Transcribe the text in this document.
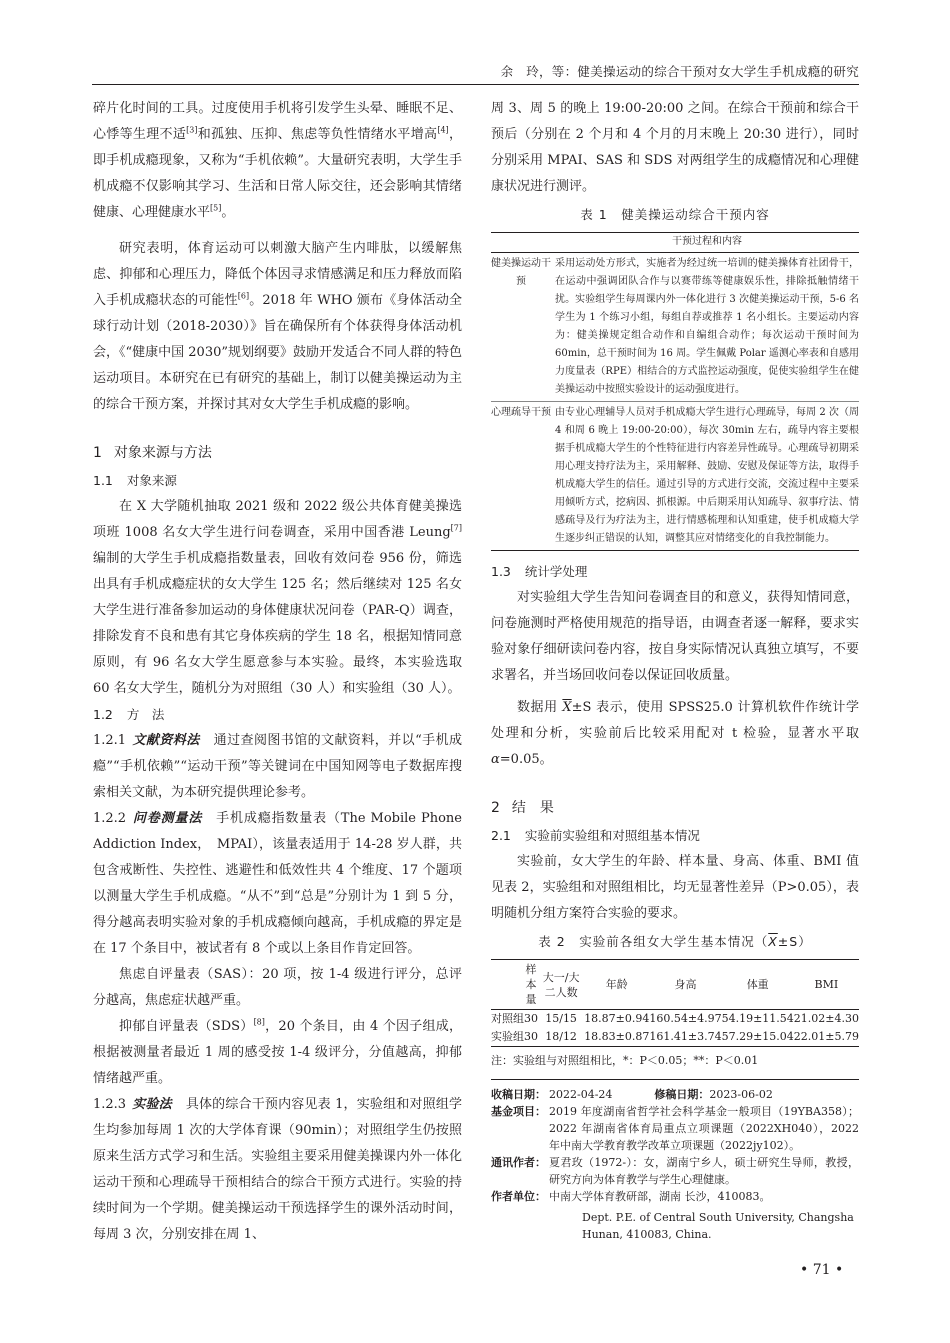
余　玲，等：健美操运动的综合干预对女大学生手机成瘾的研究

碎片化时间的工具。过度使用手机将引发学生头晕、睡眠不足、心悸等生理不适[3]和孤独、压抑、焦虑等负性情绪水平增高[4]，即手机成瘾现象，又称为“手机依赖”。大量研究表明，大学生手机成瘾不仅影响其学习、生活和日常人际交往，还会影响其情绪健康、心理健康水平[5]。

研究表明，体育运动可以刺激大脑产生内啡肽，以缓解焦虑、抑郁和心理压力，降低个体因寻求情感满足和压力释放而陷入手机成瘾状态的可能性[6]。2018 年 WHO 颁布《身体活动全球行动计划（2018-2030）》旨在确保所有个体获得身体活动机会，《“健康中国 2030”规划纲要》鼓励开发适合不同人群的特色运动项目。本研究在已有研究的基础上，制订以健美操运动为主的综合干预方案，并探讨其对女大学生手机成瘾的影响。

1 对象来源与方法
1.1 对象来源

在 X 大学随机抽取 2021 级和 2022 级公共体育健美操选项班 1008 名女大学生进行问卷调查，采用中国香港 Leung[7]编制的大学生手机成瘾指数量表，回收有效问卷 956 份，筛选出具有手机成瘾症状的女大学生 125 名；然后继续对 125 名女大学生进行准备参加运动的身体健康状况问卷（PAR-Q）调查，排除发育不良和患有其它身体疾病的学生 18 名，根据知情同意原则，有 96 名女大学生愿意参与本实验。最终，本实验选取 60 名女大学生，随机分为对照组（30 人）和实验组（30 人）。

1.2 方　法

1.2.1 文献资料法 通过查阅图书馆的文献资料，并以“手机成瘾”“手机依赖”“运动干预”等关键词在中国知网等电子数据库搜索相关文献，为本研究提供理论参考。

1.2.2 问卷测量法 手机成瘾指数量表（The Mobile Phone Addiction Index，　MPAI），该量表适用于 14-28 岁人群，共包含戒断性、失控性、逃避性和低效性共 4 个维度、17 个题项以测量大学生手机成瘾。“从不”到“总是”分别计为 1 到 5 分，得分越高表明实验对象的手机成瘾倾向越高，手机成瘾的界定是在 17 个条目中，被试者有 8 个或以上条目作肯定回答。

焦虑自评量表（SAS）：20 项，按 1-4 级进行评分，总评分越高，焦虑症状越严重。

抑郁自评量表（SDS）[8]，20 个条目，由 4 个因子组成，根据被测量者最近 1 周的感受按 1-4 级评分，分值越高，抑郁情绪越严重。

1.2.3 实验法 具体的综合干预内容见表 1，实验组和对照组学生均参加每周 1 次的大学体育课（90min）；对照组学生仍按照原来生活方式学习和生活。实验组主要采用健美操课内外一体化运动干预和心理疏导干预相结合的综合干预方式进行。实验的持续时间为一个学期。健美操运动干预选择学生的课外活动时间，每周 3 次，分别安排在周 1、

周 3、周 5 的晚上 19:00-20:00 之间。在综合干预前和综合干预后（分别在 2 个月和 4 个月的月末晚上 20:30 进行），同时分别采用 MPAI、SAS 和 SDS 对两组学生的成瘾情况和心理健康状况进行测评。

表 1　健美操运动综合干预内容
	干预过程和内容
健美操运动干预	采用运动处方形式，实施者为经过统一培训的健美操体育社团骨干，在运动中强调团队合作与以赛带练等健康娱乐性，排除抵触情绪干扰。实验组学生每周课内外一体化进行 3 次健美操运动干预，5-6 名学生为 1 个练习小组，每组自荐或推荐 1 名小组长。主要运动内容为：健美操规定组合动作和自编组合动作；每次运动干预时间为 60min，总干预时间为 16 周。学生佩戴 Polar 遥测心率表和自感用力度量表（RPE）相结合的方式监控运动强度，促使实验组学生在健美操运动中按照实验设计的运动强度进行。
心理疏导干预	由专业心理辅导人员对手机成瘾大学生进行心理疏导，每周 2 次（周 4 和周 6 晚上 19:00-20:00），每次 30min 左右，疏导内容主要根据手机成瘾大学生的个性特征进行内容差异性疏导。心理疏导初期采用心理支持疗法为主，采用解释、鼓励、安慰及保证等方法，取得手机成瘾大学生的信任。通过引导的方式进行交流，交流过程中主要采用倾听方式，挖病因、抓根源。中后期采用认知疏导、叙事疗法、情感疏导及行为疗法为主，进行情感梳理和认知重建，使手机成瘾大学生逐步纠正错误的认知，调整其应对情绪变化的自我控制能力。
1.3 统计学处理

对实验组大学生告知问卷调查目的和意义，获得知情同意，问卷施测时严格使用规范的指导语，由调查者逐一解释，要求实验对象仔细研读问卷内容，按自身实际情况认真独立填写，不要求署名，并当场回收问卷以保证回收质量。

数据用 $\overline{X}\pm S$ 表示，使用 SPSS25.0 计算机软件作统计学处理和分析，实验前后比较采用配对 t 检验，显著水平取α=0.05。

2 结　果
2.1 实验前实验组和对照组基本情况

实验前，女大学生的年龄、样本量、身高、体重、BMI 值见表 2，实验组和对照组相比，均无显著性差异（P>0.05），表明随机分组方案符合实验的要求。

表 2　实验前各组女大学生基本情况$(\overline{X}\pm S)$
	样本量	大一/大二人数	年龄	身高	体重	BMI
对照组	30	15/15	18.87±0.94	160.54±4.97	54.19±11.54	21.02±4.30
实验组	30	18/12	18.83±0.87	161.41±3.74	57.29±15.04	22.01±5.79
注：实验组与对照组相比，*：P＜0.05；**：P＜0.01
收稿日期： 2022-04-24	修稿日期：2023-06-02
基金项目： 2019 年度湖南省哲学社会科学基金一般项目（19YBA358）；2022 年湖南省体育局重点立项课题（2022XH040），2022 年中南大学教育教学改革立项课题（2022jy102）。
通讯作者： 夏君玫（1972-）：女，湖南宁乡人，硕士研究生导师，教授，研究方向为体育教学与学生心理健康。
作者单位： 中南大学体育教研部，湖南 长沙，410083。
Dept. P.E. of Central South University, Changsha Hunan, 410083, China.
• 71 •
